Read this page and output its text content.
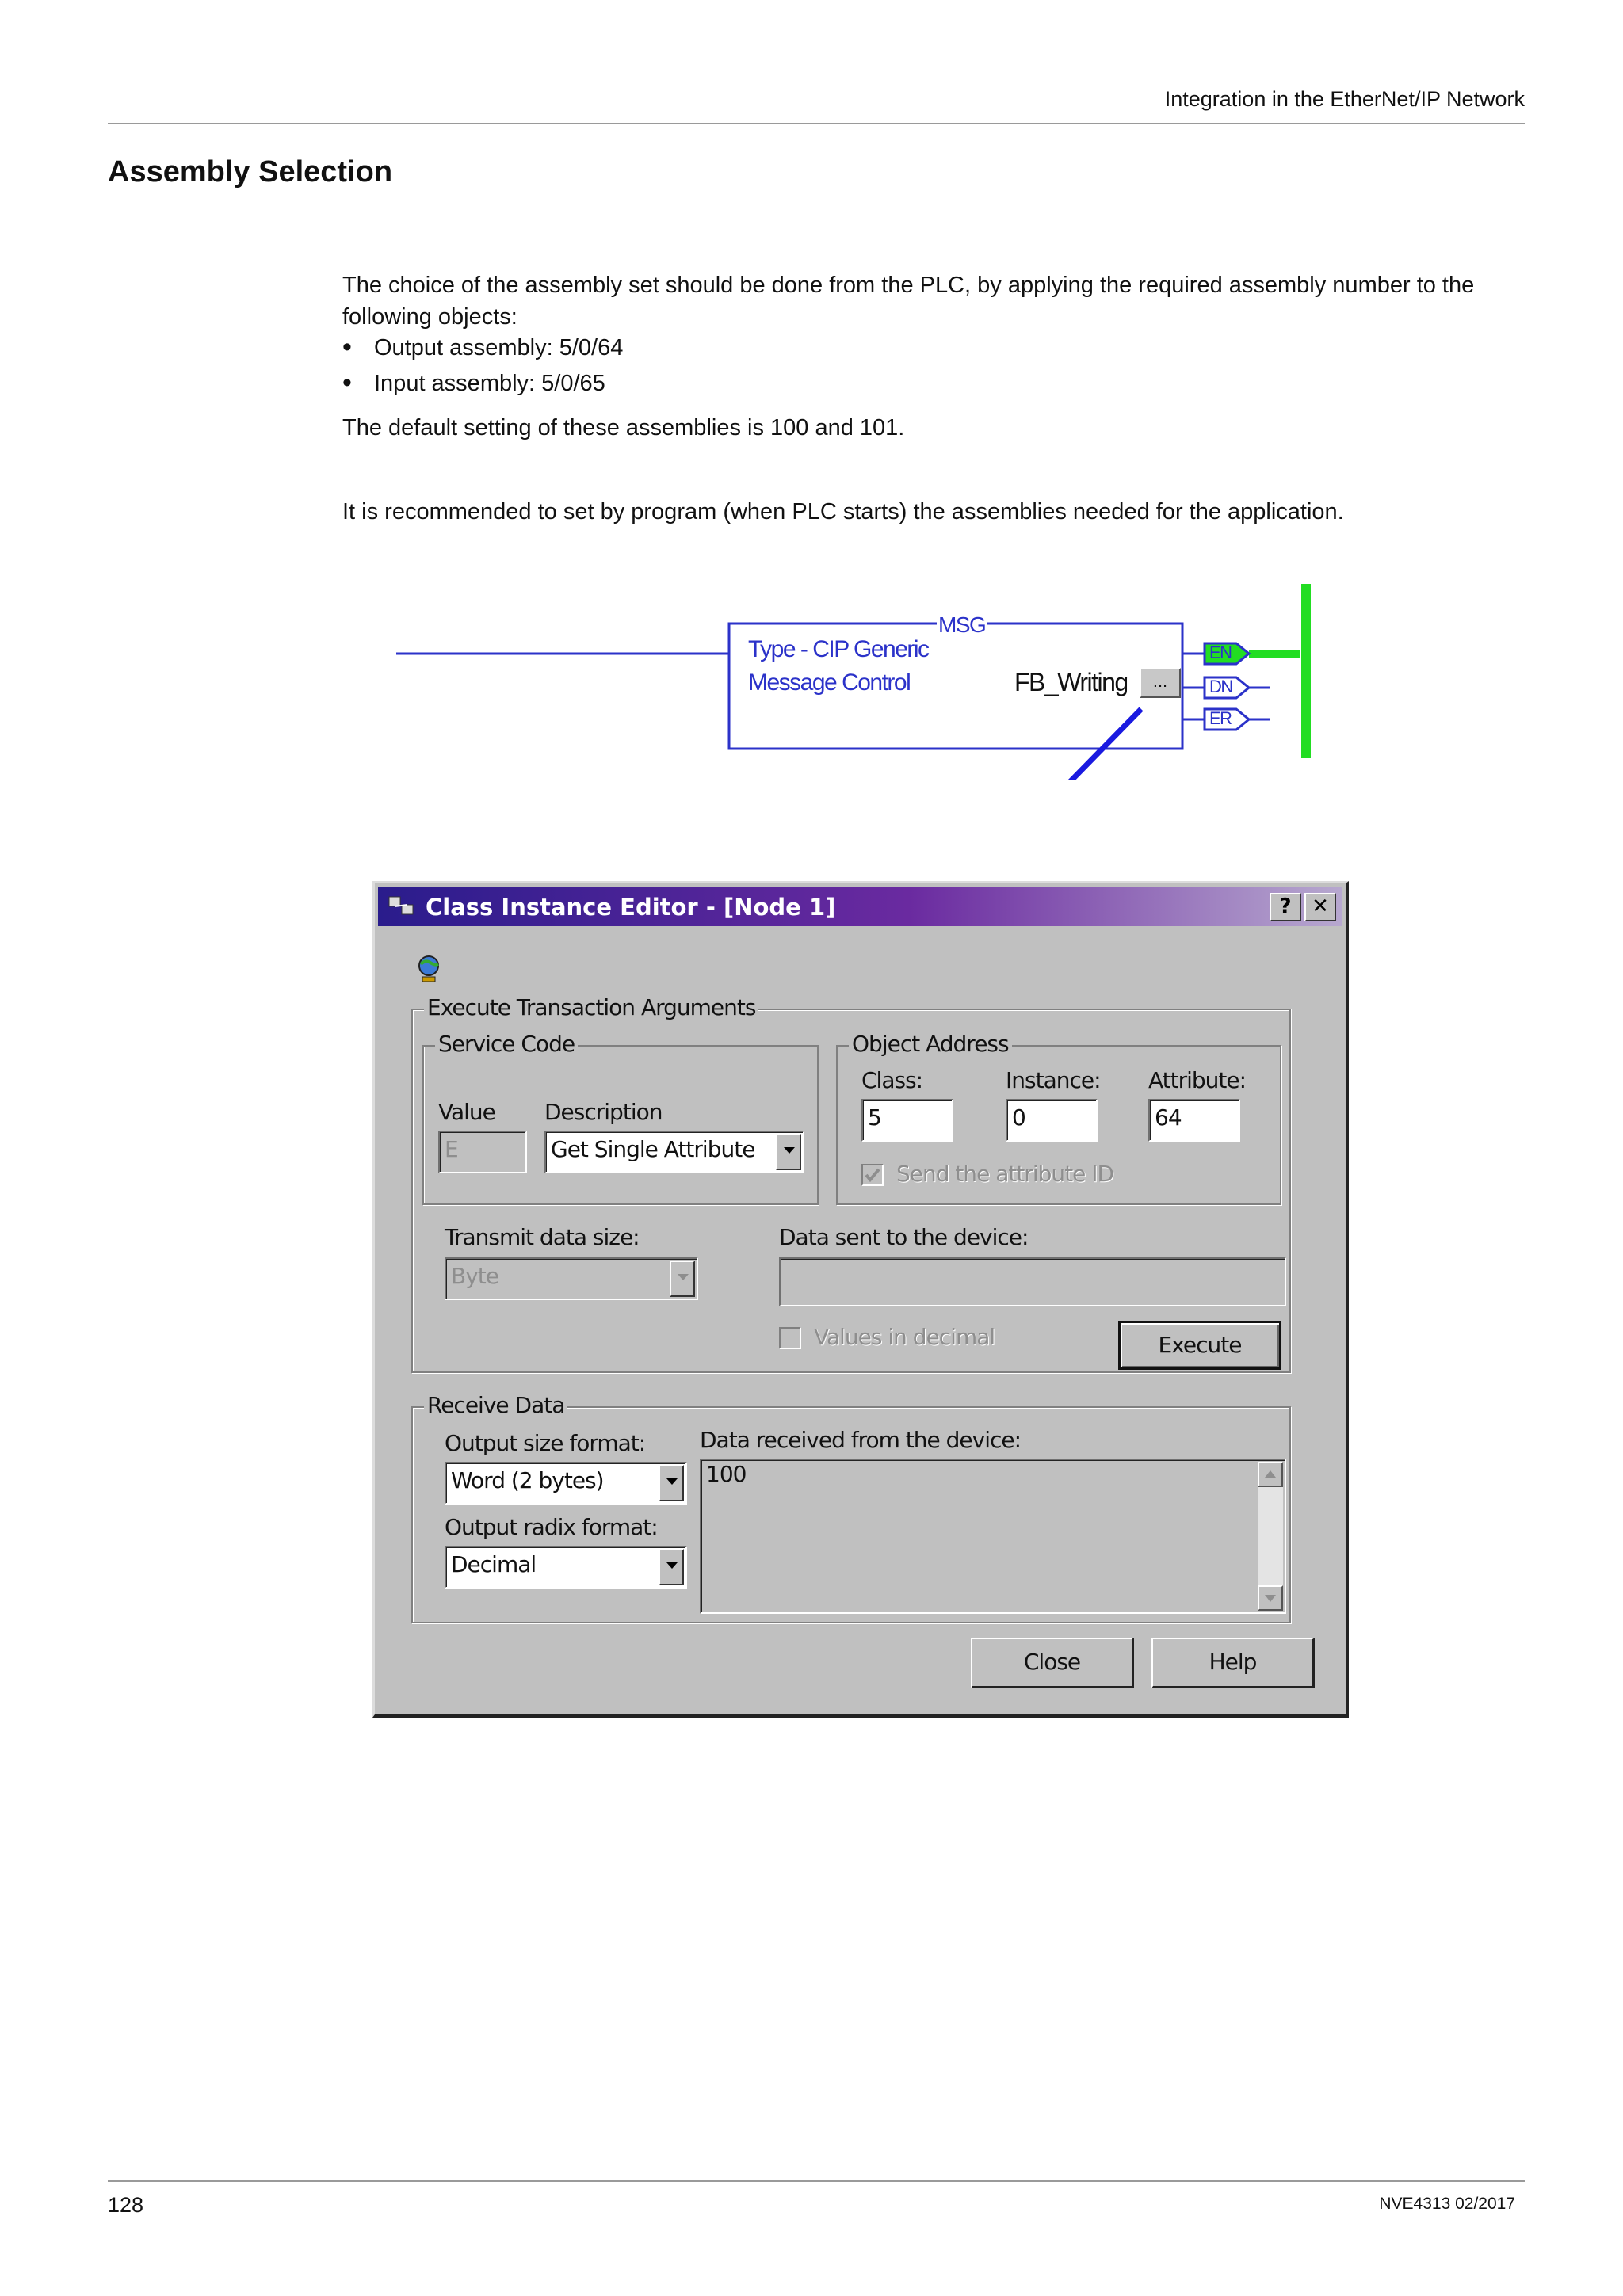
Integration in the EtherNet/IP Network
Assembly Selection
The choice of the assembly set should be done from the PLC, by applying the required assembly number to the following objects:
• Output assembly: 5/0/64
• Input assembly: 5/0/65
The default setting of these assemblies is 100 and 101.
It is recommended to set by program (when PLC starts) the assemblies needed for the application.
MSG
Type - CIP Generic
Message Control	FB_Writing	...
EN
DN
ER
Class Instance Editor - [Node 1]	? ✕
Execute Transaction Arguments
Service Code
Value
E
Description
Get Single Attribute
Object Address
Class:
5
Instance:
0
Attribute:
64
Send the attribute ID
Transmit data size:
Byte
Data sent to the device:
Values in decimal	Execute
Receive Data
Output size format:
Word (2 bytes)
Output radix format:
Decimal
Data received from the device:
100
Close	Help
128	NVE4313 02/2017
